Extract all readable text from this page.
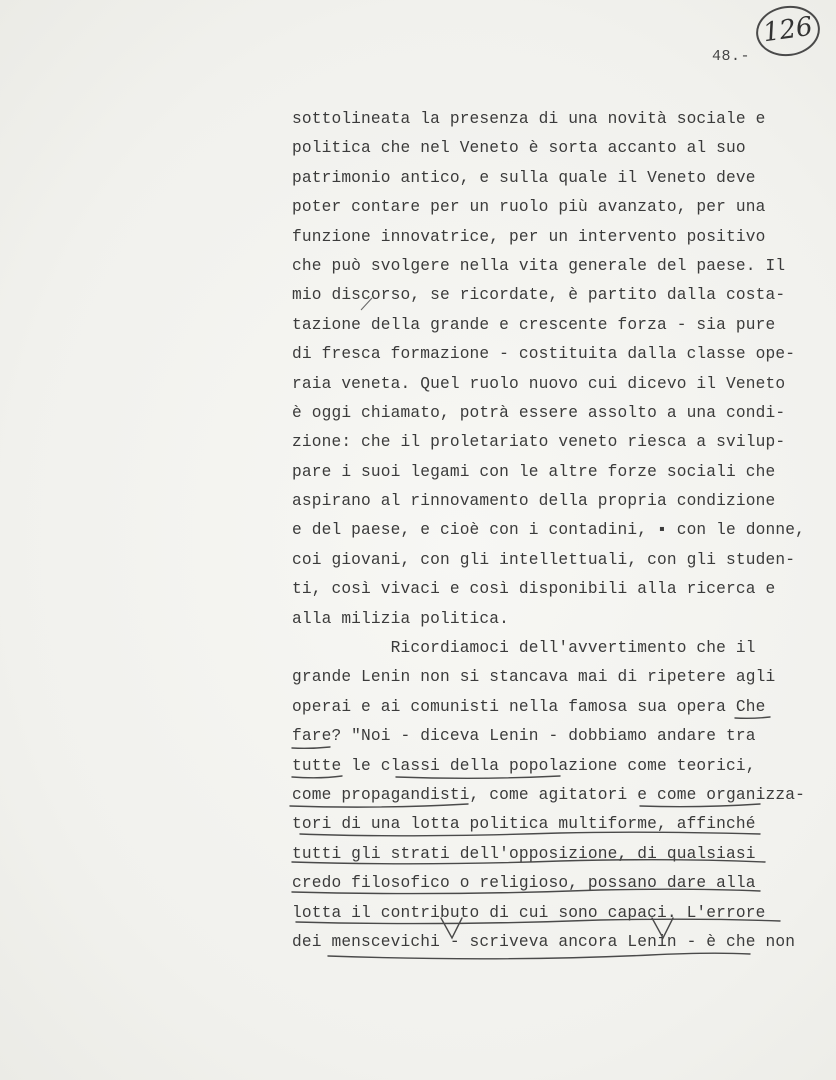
126
48.-
sottolineata la presenza di una novità sociale e
politica che nel Veneto è sorta accanto al suo
patrimonio antico, e sulla quale il Veneto deve
poter contare per un ruolo più avanzato, per una
funzione innovatrice, per un intervento positivo
che può svolgere nella vita generale del paese. Il
mio discorso, se ricordate, è partito dalla costa-
tazione della grande e crescente forza - sia pure
di fresca formazione - costituita dalla classe ope-
raia veneta. Quel ruolo nuovo cui dicevo il Veneto
è oggi chiamato, potrà essere assolto a una condi-
zione: che il proletariato veneto riesca a svilup-
pare i suoi legami con le altre forze sociali che
aspirano al rinnovamento della propria condizione
e del paese, e cioè con i contadini, ▪ con le donne,
coi giovani, con gli intellettuali, con gli studen-
ti, così vivaci e così disponibili alla ricerca e
alla milizia politica.
Ricordiamoci dell'avvertimento che il
grande Lenin non si stancava mai di ripetere agli
operai e ai comunisti nella famosa sua opera Che
fare? "Noi - diceva Lenin - dobbiamo andare tra
tutte le classi della popolazione come teorici,
come propagandisti, come agitatori e come organizza-
tori di una lotta politica multiforme, affinché
tutti gli strati dell'opposizione, di qualsiasi
credo filosofico o religioso, possano dare alla
lotta il contributo di cui sono capaci. L'errore
dei menscevichi - scriveva ancora Lenin - è che non
